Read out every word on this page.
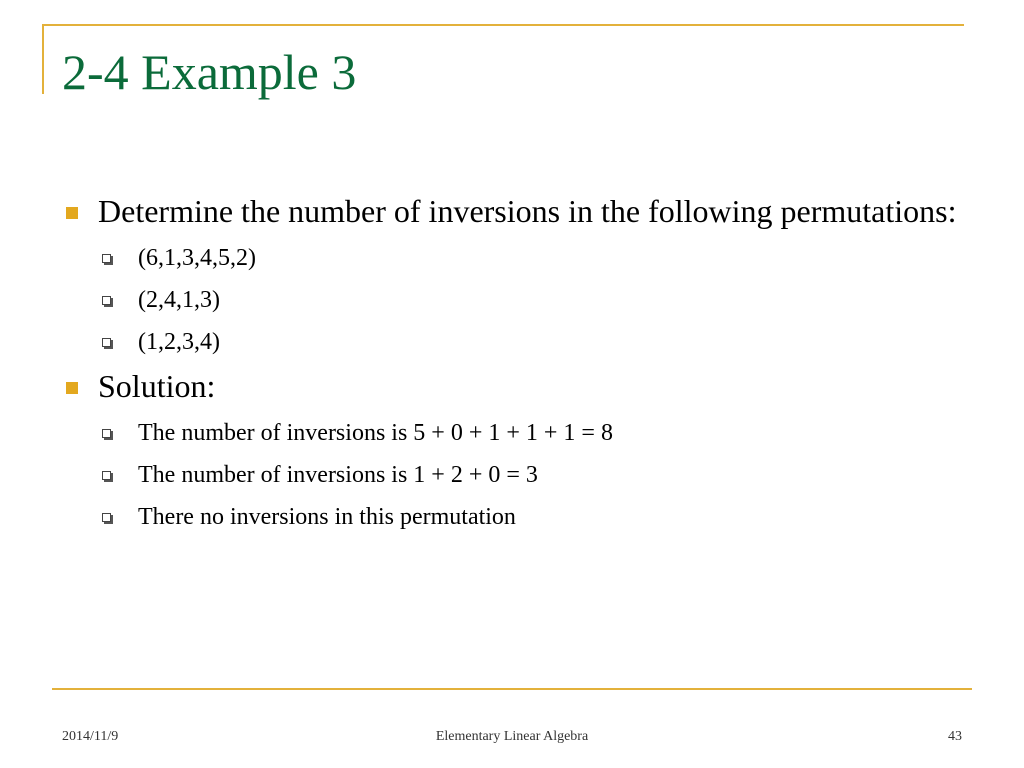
2-4 Example 3
Determine the number of inversions in the following permutations:
(6,1,3,4,5,2)
(2,4,1,3)
(1,2,3,4)
Solution:
The number of inversions is 5 + 0 + 1 + 1 + 1 = 8
The number of inversions is 1 + 2 + 0 = 3
There no inversions in this permutation
2014/11/9	Elementary Linear Algebra	43
